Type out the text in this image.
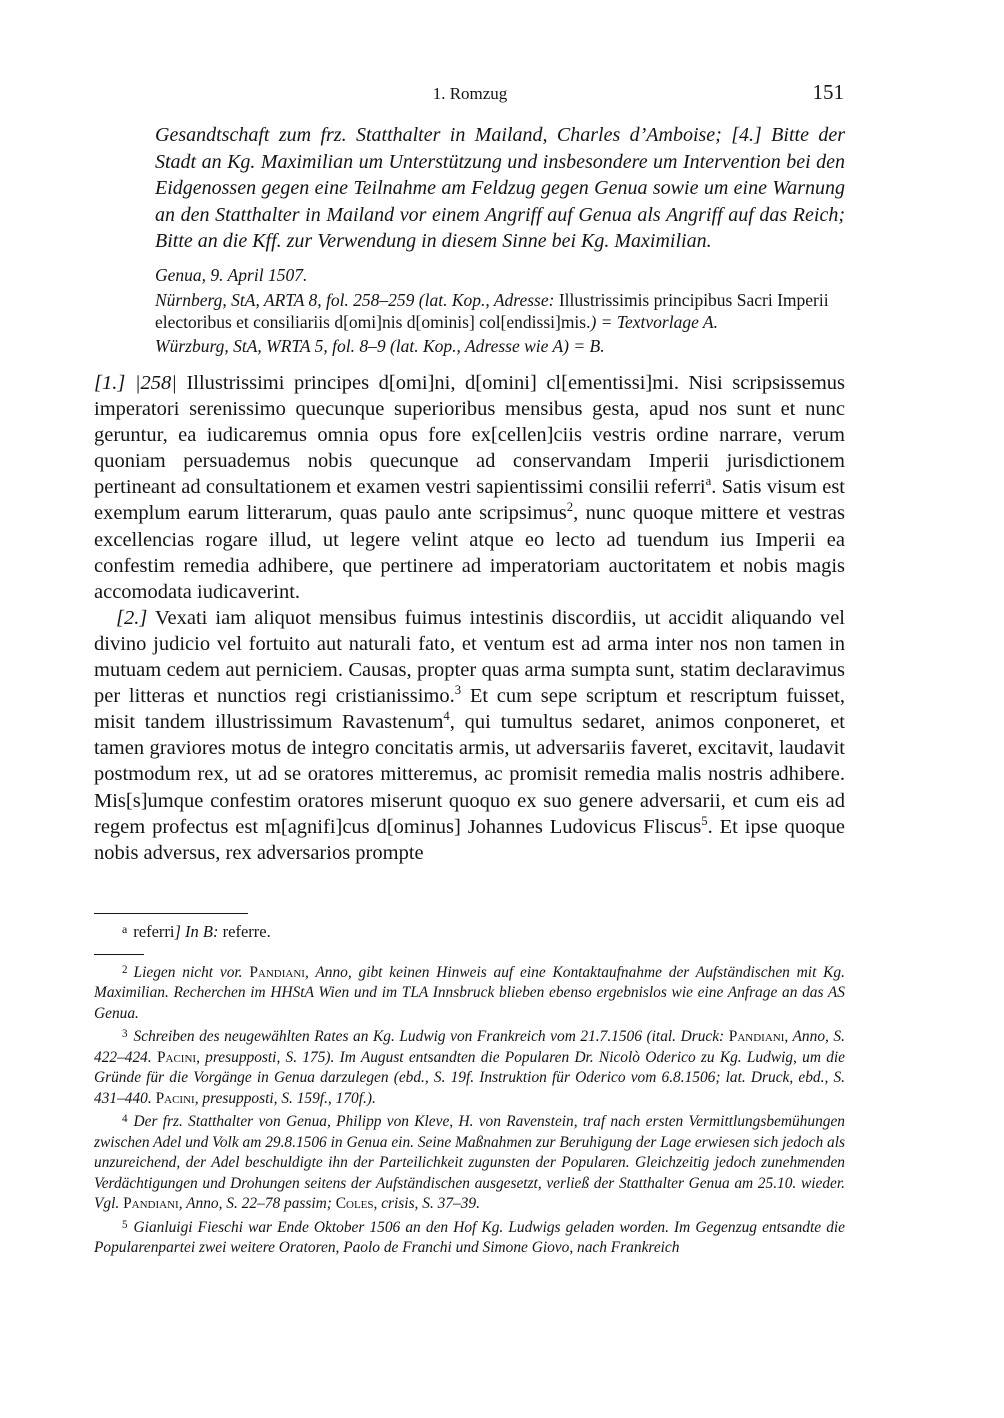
1. Romzug	151
Gesandtschaft zum frz. Statthalter in Mailand, Charles d’Amboise; [4.] Bitte der Stadt an Kg. Maximilian um Unterstützung und insbesondere um Intervention bei den Eidgenossen gegen eine Teilnahme am Feldzug gegen Genua sowie um eine Warnung an den Statthalter in Mailand vor einem Angriff auf Genua als Angriff auf das Reich; Bitte an die Kff. zur Verwendung in diesem Sinne bei Kg. Maximilian.
Genua, 9. April 1507.
Nürnberg, StA, ARTA 8, fol. 258–259 (lat. Kop., Adresse: Illustrissimis principibus Sacri Imperii electoribus et consiliariis d[omi]nis d[ominis] col[endissi]mis.) = Textvorlage A.
Würzburg, StA, WRTA 5, fol. 8–9 (lat. Kop., Adresse wie A) = B.

[1.] |258| Illustrissimi principes d[omi]ni, d[omini] cl[ementissi]mi. Nisi scripsissemus imperatori serenissimo quecunque superioribus mensibus gesta, apud nos sunt et nunc geruntur, ea iudicaremus omnia opus fore ex[cellen]ciis vestris ordine narrare, verum quoniam persuademus nobis quecunque ad conservandam Imperii jurisdictionem pertineant ad consultationem et examen vestri sapientissimi consilii referri$^a$. Satis visum est exemplum earum litterarum, quas paulo ante scripsimus$^2$, nunc quoque mittere et vestras excellencias rogare illud, ut legere velint atque eo lecto ad tuendum ius Imperii ea confestim remedia adhibere, que pertinere ad imperatoriam auctoritatem et nobis magis accomodata iudicaverint.

[2.] Vexati iam aliquot mensibus fuimus intestinis discordiis, ut accidit aliquando vel divino judicio vel fortuito aut naturali fato, et ventum est ad arma inter nos non tamen in mutuam cedem aut perniciem. Causas, propter quas arma sumpta sunt, statim declaravimus per litteras et nunctios regi cristianissimo.$^3$ Et cum sepe scriptum et rescriptum fuisset, misit tandem illustrissimum Ravastenum$^4$, qui tumultus sedaret, animos conponeret, et tamen graviores motus de integro concitatis armis, ut adversariis faveret, excitavit, laudavit postmodum rex, ut ad se oratores mitteremus, ac promisit remedia malis nostris adhibere. Mis[s]umque confestim oratores miserunt quoquo ex suo genere adversarii, et cum eis ad regem profectus est m[agnifi]cus d[ominus] Johannes Ludovicus Fliscus$^5$. Et ipse quoque nobis adversus, rex adversarios prompte

$^a$ referri] In B: referre.

$^2$ Liegen nicht vor. Pandiani, Anno, gibt keinen Hinweis auf eine Kontaktaufnahme der Aufständischen mit Kg. Maximilian. Recherchen im HHStA Wien und im TLA Innsbruck blieben ebenso ergebnislos wie eine Anfrage an das AS Genua.

$^3$ Schreiben des neugewählten Rates an Kg. Ludwig von Frankreich vom 21.7.1506 (ital. Druck: Pandiani, Anno, S. 422–424. Pacini, presupposti, S. 175). Im August entsandten die Popularen Dr. Nicolò Oderico zu Kg. Ludwig, um die Gründe für die Vorgänge in Genua darzulegen (ebd., S. 19f. Instruktion für Oderico vom 6.8.1506; lat. Druck, ebd., S. 431–440. Pacini, presupposti, S. 159f., 170f.).

$^4$ Der frz. Statthalter von Genua, Philipp von Kleve, H. von Ravenstein, traf nach ersten Vermittlungsbemühungen zwischen Adel und Volk am 29.8.1506 in Genua ein. Seine Maßnahmen zur Beruhigung der Lage erwiesen sich jedoch als unzureichend, der Adel beschuldigte ihn der Parteilichkeit zugunsten der Popularen. Gleichzeitig jedoch zunehmenden Verdächtigungen und Drohungen seitens der Aufständischen ausgesetzt, verließ der Statthalter Genua am 25.10. wieder. Vgl. Pandiani, Anno, S. 22–78 passim; Coles, crisis, S. 37–39.

$^5$ Gianluigi Fieschi war Ende Oktober 1506 an den Hof Kg. Ludwigs geladen worden. Im Gegenzug entsandte die Popularenpartei zwei weitere Oratoren, Paolo de Franchi und Simone Giovo, nach Frankreich
